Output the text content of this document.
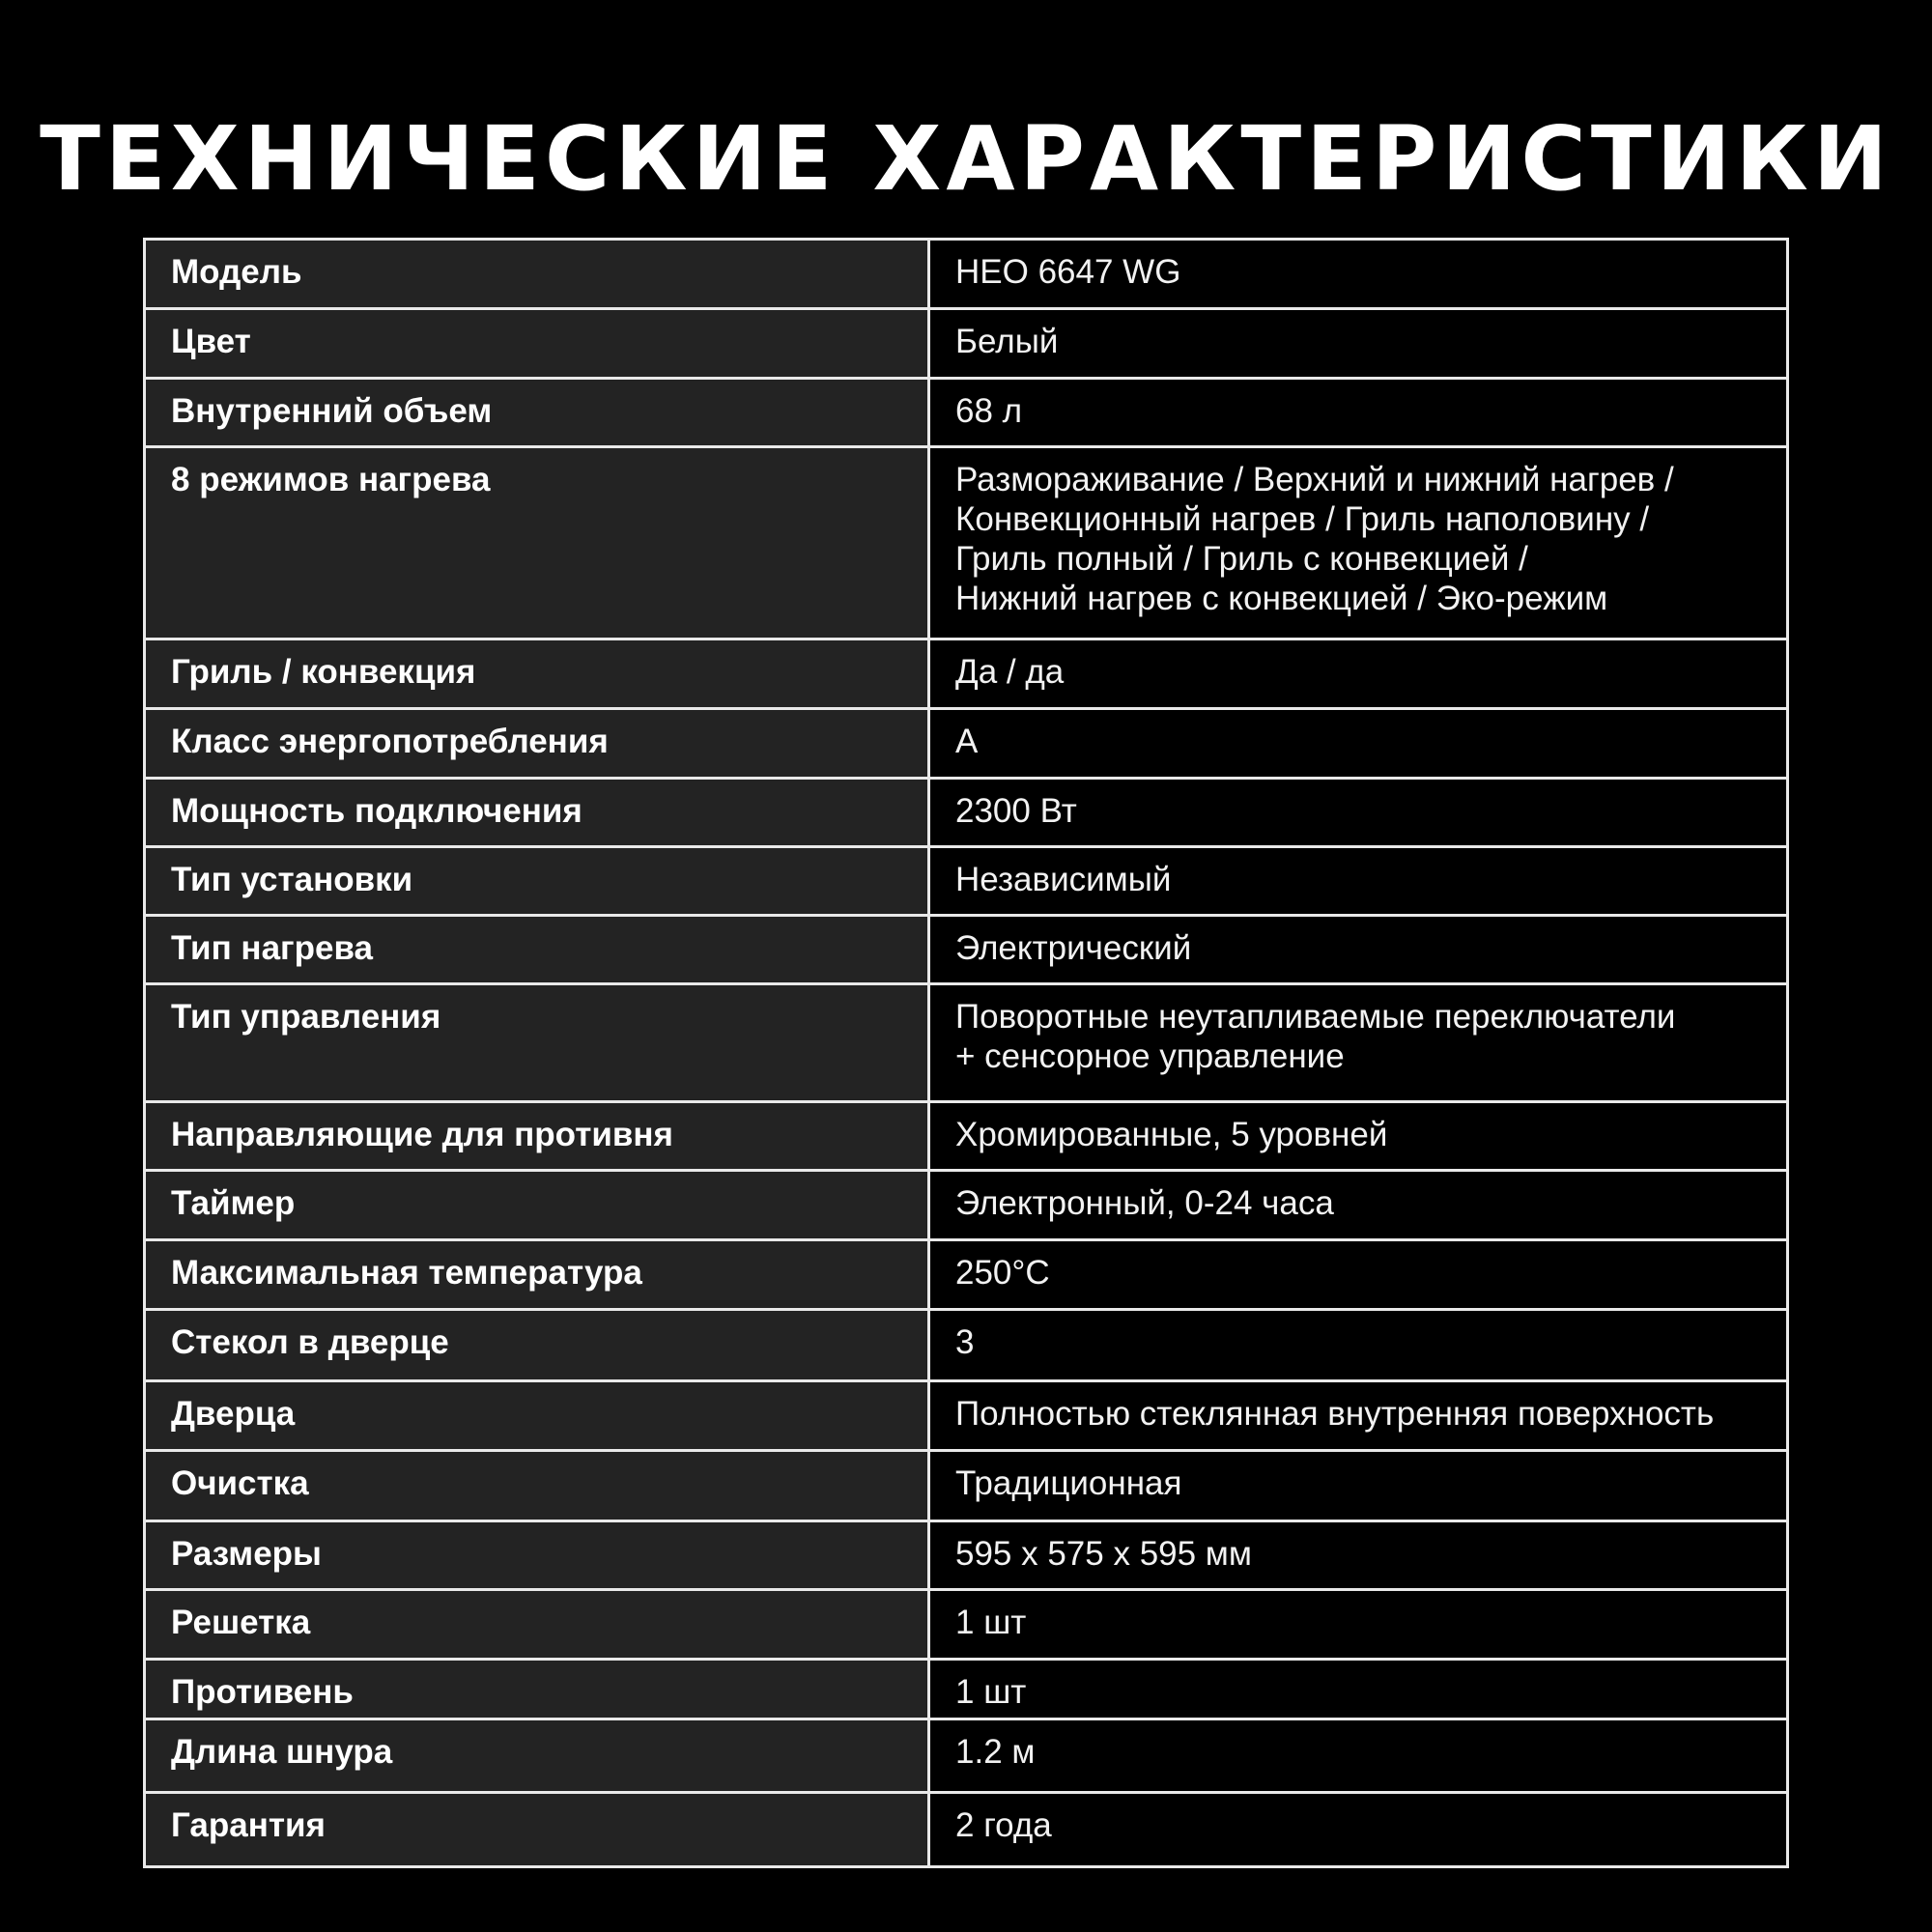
ТЕХНИЧЕСКИЕ ХАРАКТЕРИСТИКИ
Модель	HEO 6647 WG
Цвет	Белый
Внутренний объем	68 л
8 режимов нагрева	Размораживание / Верхний и нижний нагрев /
Конвекционный нагрев / Гриль наполовину /
Гриль полный / Гриль с конвекцией /
Нижний нагрев с конвекцией / Эко-режим
Гриль / конвекция	Да / да
Класс энергопотребления	А
Мощность подключения	2300 Вт
Тип установки	Независимый
Тип нагрева	Электрический
Тип управления	Поворотные неутапливаемые переключатели
+ сенсорное управление
Направляющие для противня	Хромированные, 5 уровней
Таймер	Электронный, 0-24 часа
Максимальная температура	250°C
Стекол в дверце	3
Дверца	Полностью стеклянная внутренняя поверхность
Очистка	Традиционная
Размеры	595 x 575 x 595 мм
Решетка	1 шт
Противень	1 шт
Длина шнура	1.2 м
Гарантия	2 года
